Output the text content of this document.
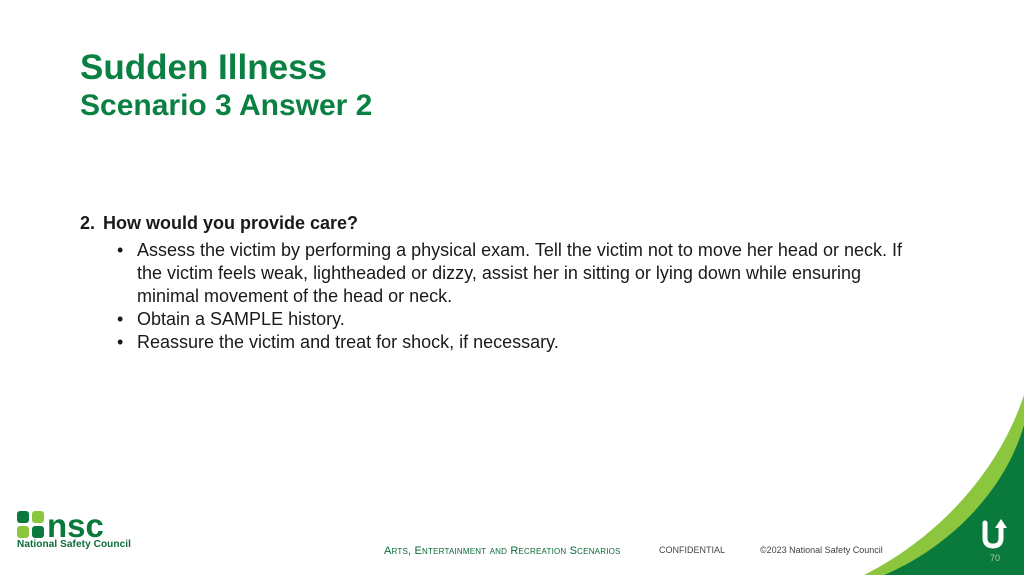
Sudden Illness
Scenario 3 Answer 2
2. How would you provide care?
• Assess the victim by performing a physical exam. Tell the victim not to move her head or neck. If the victim feels weak, lightheaded or dizzy, assist her in sitting or lying down while ensuring minimal movement of the head or neck.
• Obtain a SAMPLE history.
• Reassure the victim and treat for shock, if necessary.
nsc
National Safety Council
Arts, Entertainment and Recreation Scenarios	CONFIDENTIAL	©2023 National Safety Council
70
